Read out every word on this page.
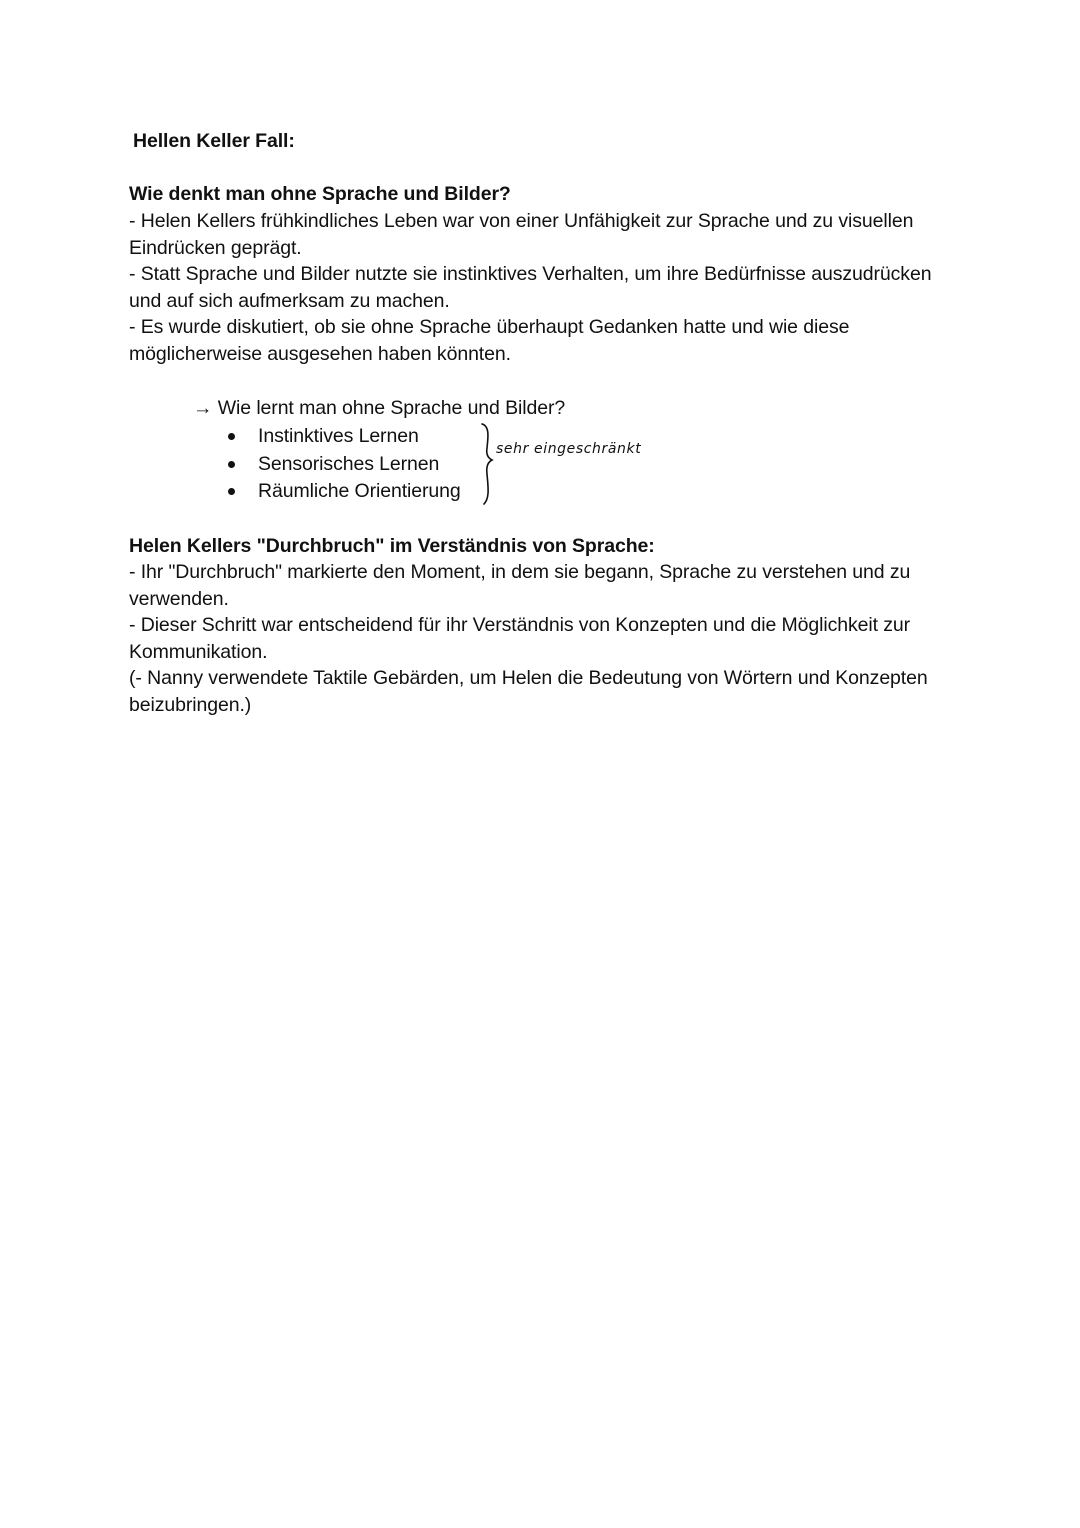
Hellen Keller Fall:
Wie denkt man ohne Sprache und Bilder?
- Helen Kellers frühkindliches Leben war von einer Unfähigkeit zur Sprache und zu visuellen
Eindrücken geprägt.
- Statt Sprache und Bilder nutzte sie instinktives Verhalten, um ihre Bedürfnisse auszudrücken
und auf sich aufmerksam zu machen.
- Es wurde diskutiert, ob sie ohne Sprache überhaupt Gedanken hatte und wie diese
möglicherweise ausgesehen haben könnten.
→ Wie lernt man ohne Sprache und Bilder?
Instinktives Lernen
Sensorisches Lernen
Räumliche Orientierung
sehr eingeschränkt
Helen Kellers "Durchbruch" im Verständnis von Sprache:
- Ihr "Durchbruch" markierte den Moment, in dem sie begann, Sprache zu verstehen und zu
verwenden.
- Dieser Schritt war entscheidend für ihr Verständnis von Konzepten und die Möglichkeit zur
Kommunikation.
(- Nanny verwendete Taktile Gebärden, um Helen die Bedeutung von Wörtern und Konzepten
beizubringen.)
